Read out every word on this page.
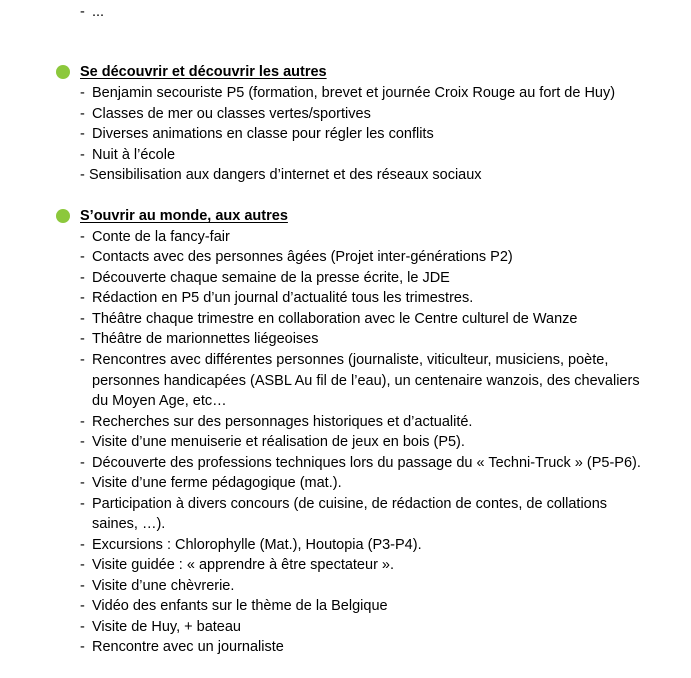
- ...
Se découvrir et découvrir les autres
- Benjamin secouriste P5 (formation, brevet et journée Croix Rouge au fort de Huy)
- Classes de mer ou classes vertes/sportives
- Diverses animations en classe pour régler les conflits
- Nuit à l’école
- Sensibilisation aux dangers d’internet et des réseaux sociaux
S’ouvrir au monde, aux autres
- Conte de la fancy-fair
- Contacts avec des personnes âgées (Projet inter-générations P2)
- Découverte chaque semaine de la presse écrite, le JDE
- Rédaction en P5 d’un journal d’actualité tous les trimestres.
- Théâtre chaque trimestre en collaboration avec le Centre culturel de Wanze
- Théâtre de marionnettes liégeoises
- Rencontres avec différentes personnes (journaliste, viticulteur, musiciens, poète,
personnes handicapées (ASBL Au fil de l’eau), un centenaire wanzois, des chevaliers
du Moyen Age, etc…
- Recherches sur des personnages historiques et d’actualité.
- Visite d’une menuiserie et réalisation de jeux en bois (P5).
- Découverte des professions techniques lors du passage du « Techni-Truck » (P5-P6).
- Visite d’une ferme pédagogique (mat.).
- Participation à divers concours (de cuisine, de rédaction de contes, de collations
saines, …).
- Excursions : Chlorophylle (Mat.), Houtopia (P3-P4).
- Visite guidée : « apprendre à être spectateur ».
- Visite d’une chèvrerie.
- Vidéo des enfants sur le thème de la Belgique
- Visite de Huy, + bateau
- Rencontre avec un journaliste
